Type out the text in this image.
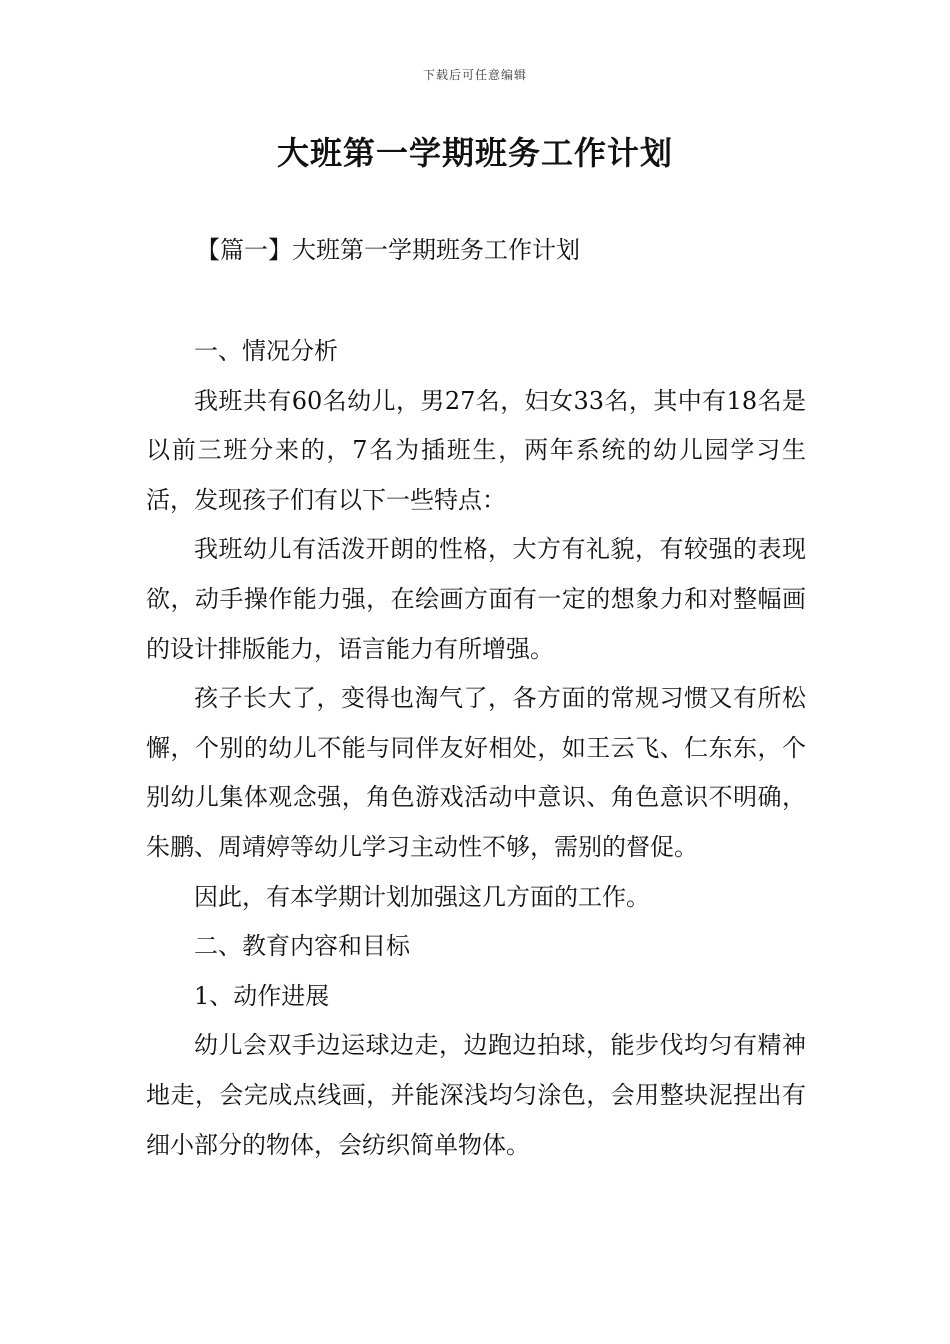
下载后可任意编辑
大班第一学期班务工作计划
【篇一】大班第一学期班务工作计划

一、情况分析

我班共有60名幼儿，男27名，妇女33名，其中有18名是以前三班分来的，7名为插班生，两年系统的幼儿园学习生活，发现孩子们有以下一些特点：

我班幼儿有活泼开朗的性格，大方有礼貌，有较强的表现欲，动手操作能力强，在绘画方面有一定的想象力和对整幅画的设计排版能力，语言能力有所增强。

孩子长大了，变得也淘气了，各方面的常规习惯又有所松懈，个别的幼儿不能与同伴友好相处，如王云飞、仁东东，个别幼儿集体观念强，角色游戏活动中意识、角色意识不明确，朱鹏、周靖婷等幼儿学习主动性不够，需别的督促。

因此，有本学期计划加强这几方面的工作。

二、教育内容和目标

1、动作进展

幼儿会双手边运球边走，边跑边拍球，能步伐均匀有精神地走，会完成点线画，并能深浅均匀涂色，会用整块泥捏出有细小部分的物体，会纺织简单物体。
